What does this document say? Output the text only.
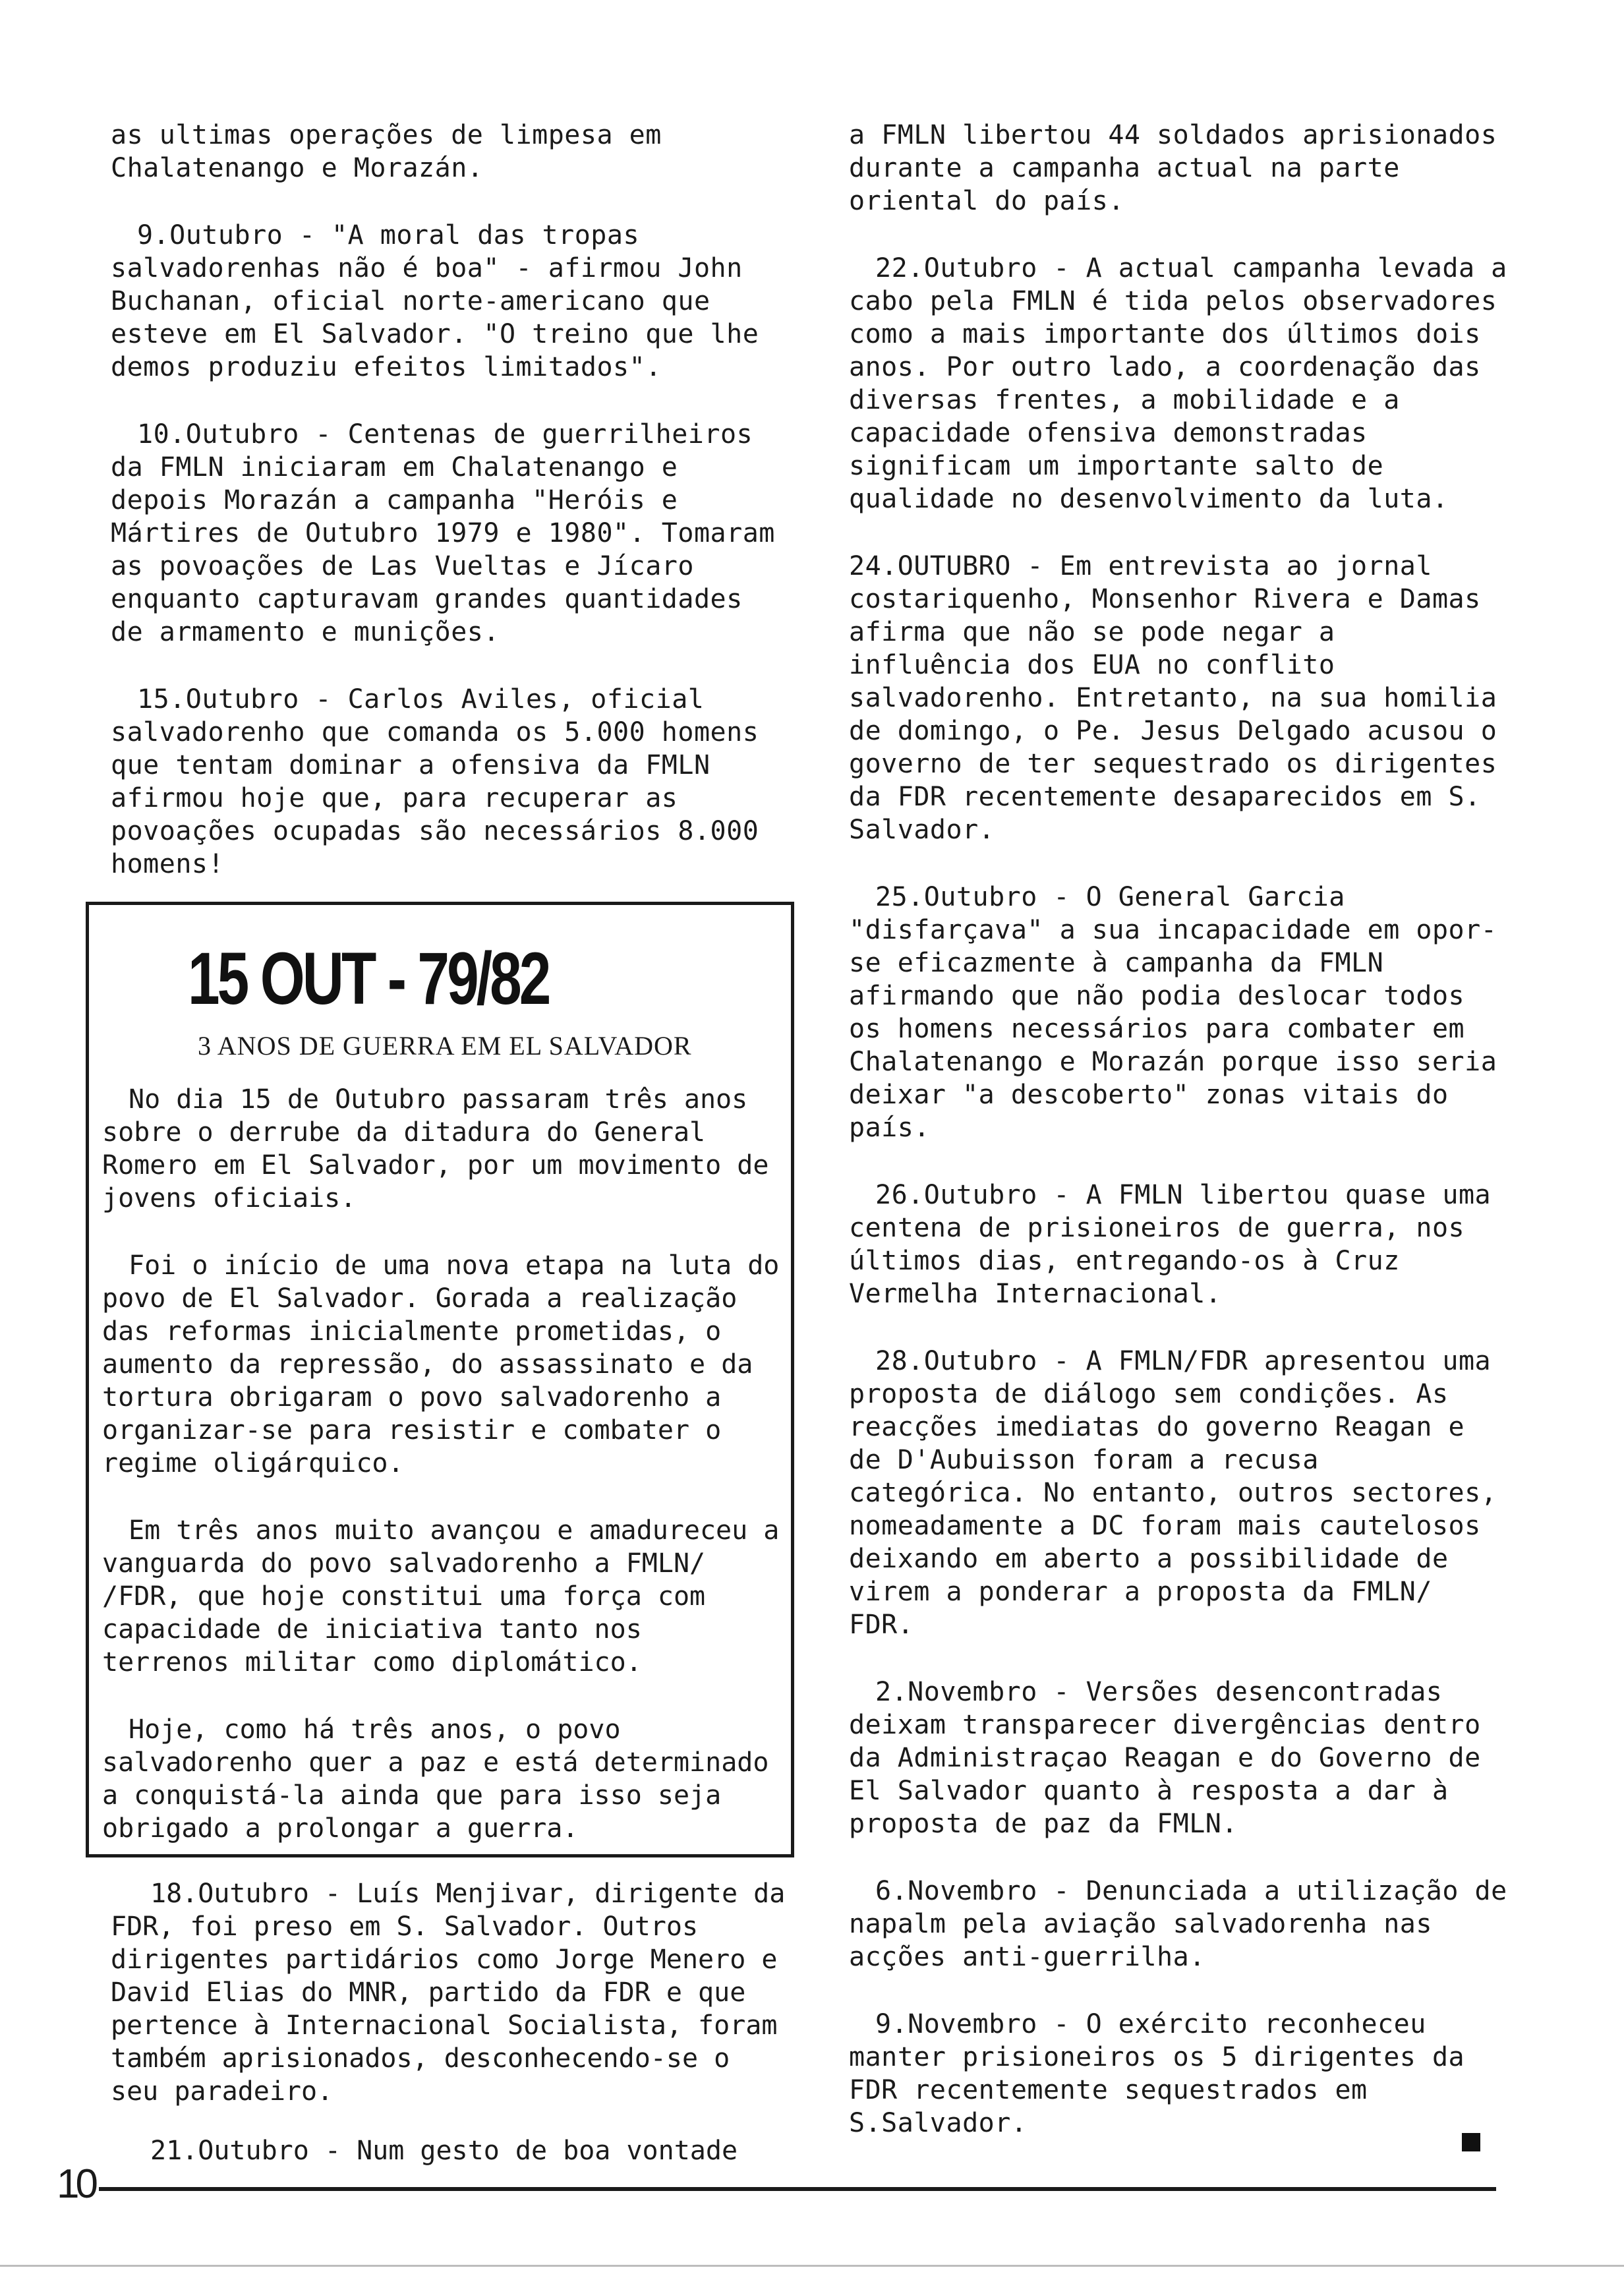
as ultimas operações de limpesa em Chalatenango e Morazán.

9.Outubro - "A moral das tropas salvadorenhas não é boa" - afirmou John Buchanan, oficial norte-americano que esteve em El Salvador. "O treino que lhe demos produziu efeitos limitados".

10.Outubro - Centenas de guerrilheiros da FMLN iniciaram em Chalatenango e depois Morazán a campanha "Heróis e Mártires de Outubro 1979 e 1980". Tomaram as povoações de Las Vueltas e Jícaro enquanto capturavam grandes quantidades de armamento e munições.

15.Outubro - Carlos Aviles, oficial salvadorenho que comanda os 5.000 homens que tentam dominar a ofensiva da FMLN afirmou hoje que, para recuperar as povoações ocupadas são necessários 8.000 homens!

15 OUT - 79/82
3 ANOS DE GUERRA EM EL SALVADOR

No dia 15 de Outubro passaram três anos sobre o derrube da ditadura do General Romero em El Salvador, por um movimento de jovens oficiais.

Foi o início de uma nova etapa na luta do povo de El Salvador. Gorada a realização das reformas inicialmente prometidas, o aumento da repressão, do assassinato e da tortura obrigaram o povo salvadorenho a organizar-se para resistir e combater o regime oligárquico.

Em três anos muito avançou e amadureceu a vanguarda do povo salvadorenho a FMLN/ /FDR, que hoje constitui uma força com capacidade de iniciativa tanto nos terrenos militar como diplomático.

Hoje, como há três anos, o povo salvadorenho quer a paz e está determinado a conquistá-la ainda que para isso seja obrigado a prolongar a guerra.

18.Outubro - Luís Menjivar, dirigente da FDR, foi preso em S. Salvador. Outros dirigentes partidários como Jorge Menero e David Elias do MNR, partido da FDR e que pertence à Internacional Socialista, foram também aprisionados, desconhecendo-se o seu paradeiro.

21.Outubro - Num gesto de boa vontade

a FMLN libertou 44 soldados aprisionados durante a campanha actual na parte oriental do país.

22.Outubro - A actual campanha levada a cabo pela FMLN é tida pelos observadores como a mais importante dos últimos dois anos. Por outro lado, a coordenação das diversas frentes, a mobilidade e a capacidade ofensiva demonstradas significam um importante salto de qualidade no desenvolvimento da luta.

24.OUTUBRO - Em entrevista ao jornal costariquenho, Monsenhor Rivera e Damas afirma que não se pode negar a influência dos EUA no conflito salvadorenho. Entretanto, na sua homilia de domingo, o Pe. Jesus Delgado acusou o governo de ter sequestrado os dirigentes da FDR recentemente desaparecidos em S. Salvador.

25.Outubro - O General Garcia "disfarçava" a sua incapacidade em opor-se eficazmente à campanha da FMLN afirmando que não podia deslocar todos os homens necessários para combater em Chalatenango e Morazán porque isso seria deixar "a descoberto" zonas vitais do país.

26.Outubro - A FMLN libertou quase uma centena de prisioneiros de guerra, nos últimos dias, entregando-os à Cruz Vermelha Internacional.

28.Outubro - A FMLN/FDR apresentou uma proposta de diálogo sem condições. As reacções imediatas do governo Reagan e de D'Aubuisson foram a recusa categórica. No entanto, outros sectores, nomeadamente a DC foram mais cautelosos deixando em aberto a possibilidade de virem a ponderar a proposta da FMLN/ FDR.

2.Novembro - Versões desencontradas deixam transparecer divergências dentro da Administraçao Reagan e do Governo de El Salvador quanto à resposta a dar à proposta de paz da FMLN.

6.Novembro - Denunciada a utilização de napalm pela aviação salvadorenha nas acções anti-guerrilha.

9.Novembro - O exército reconheceu manter prisioneiros os 5 dirigentes da FDR recentemente sequestrados em S.Salvador.

10
